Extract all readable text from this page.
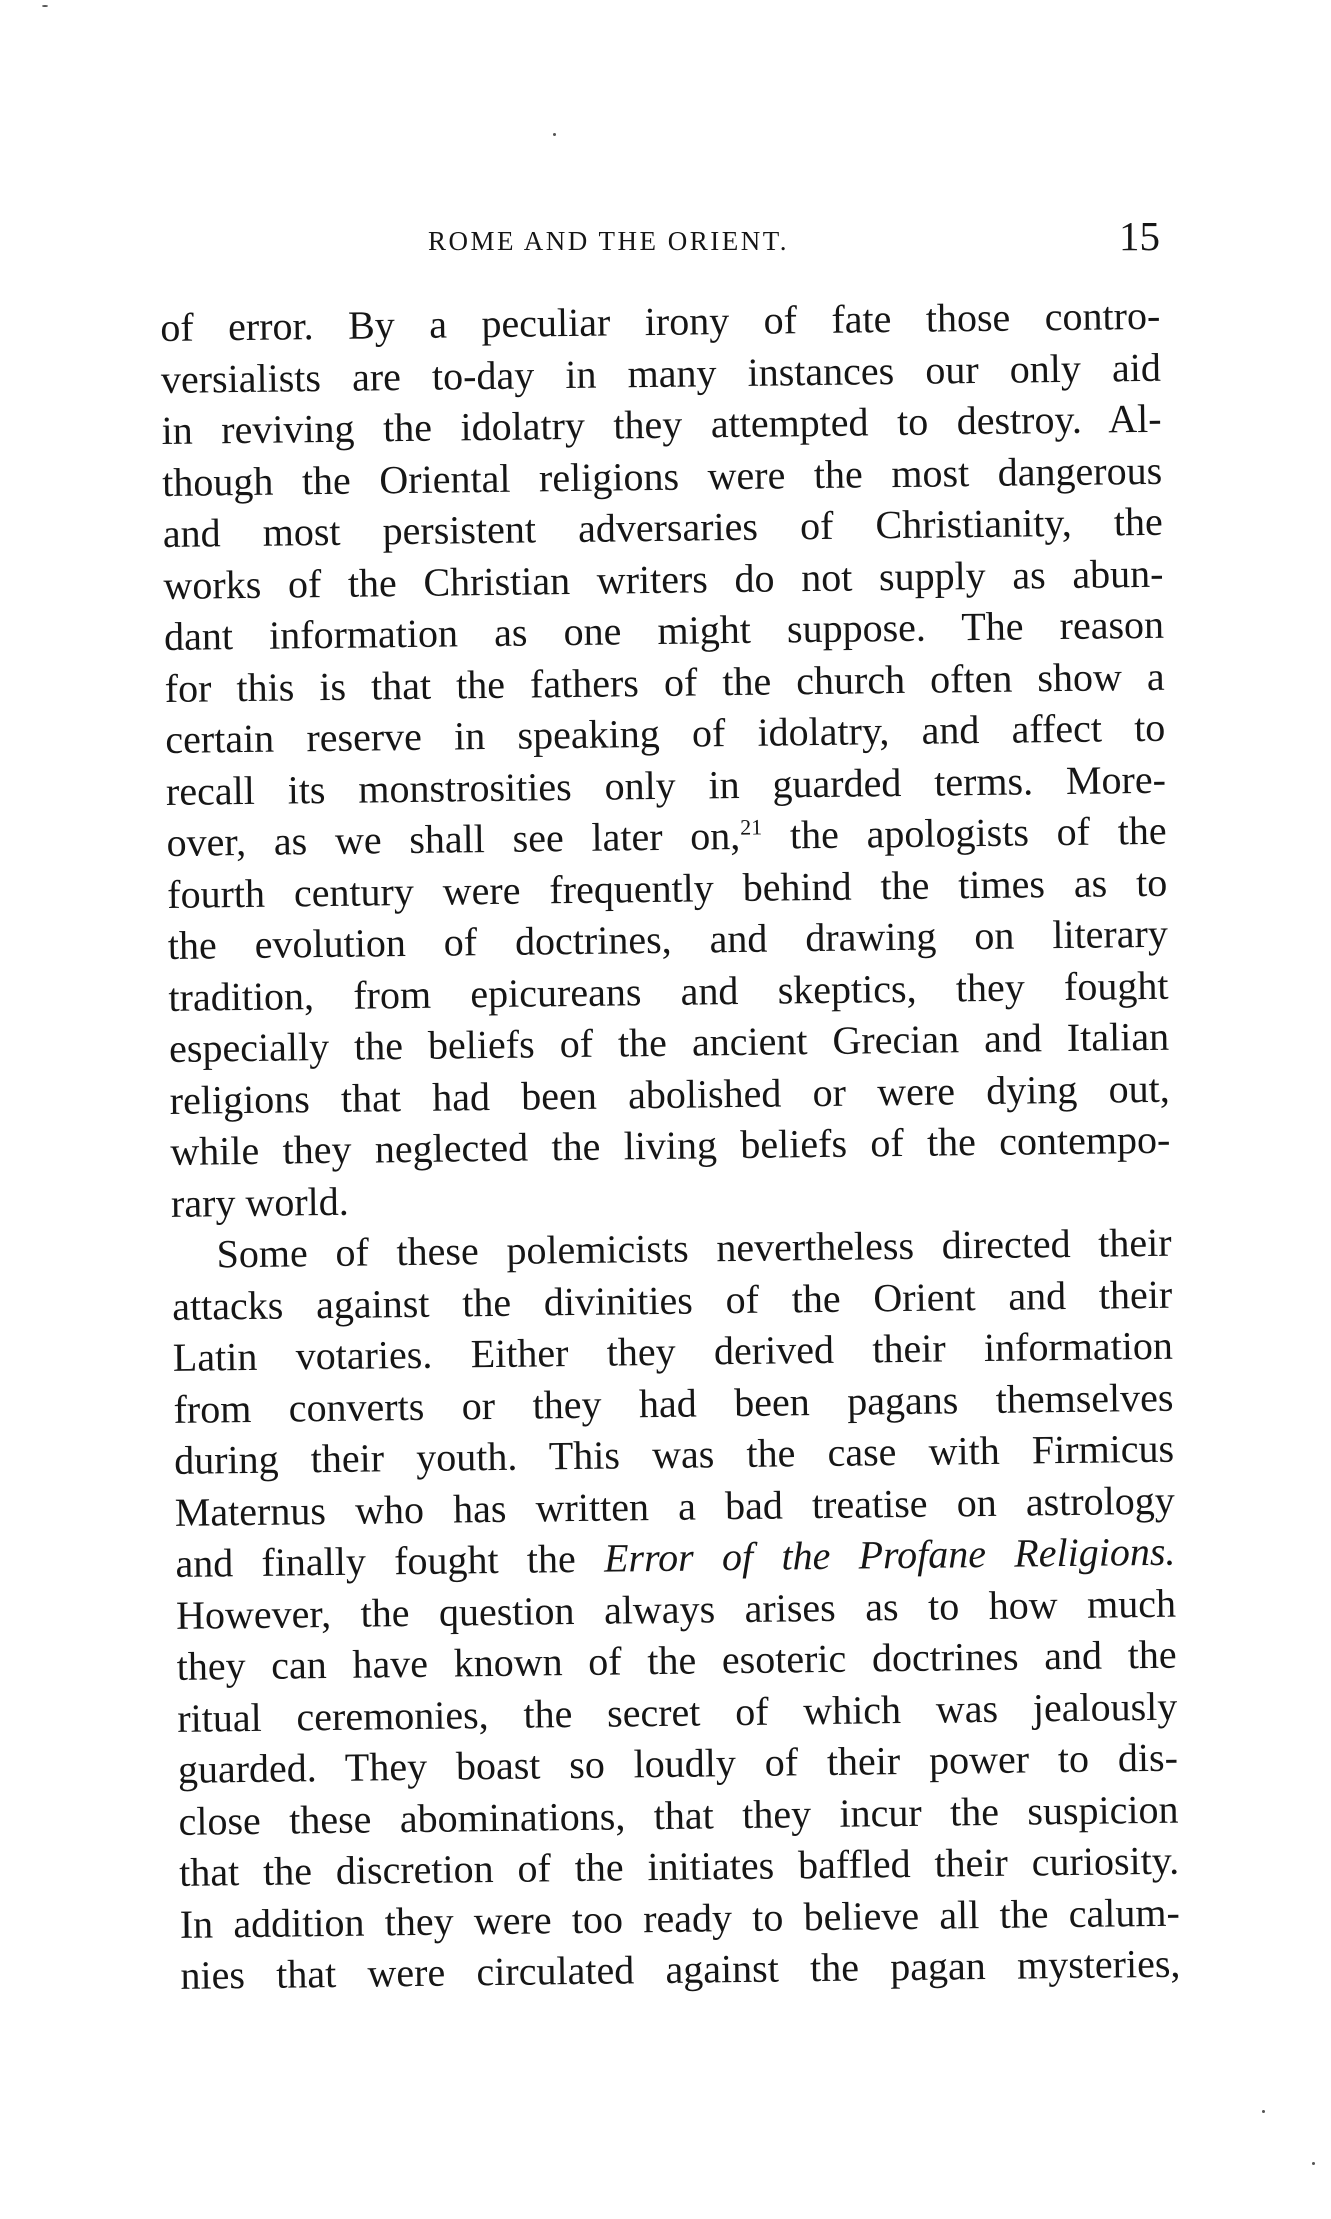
ROME AND THE ORIENT.	15
of error. By a peculiar irony of fate those contro-
versialists are to-day in many instances our only aid
in reviving the idolatry they attempted to destroy. Al-
though the Oriental religions were the most dangerous
and most persistent adversaries of Christianity, the
works of the Christian writers do not supply as abun-
dant information as one might suppose. The reason
for this is that the fathers of the church often show a
certain reserve in speaking of idolatry, and affect to
recall its monstrosities only in guarded terms. More-
over, as we shall see later on,$^{21}$ the apologists of the
fourth century were frequently behind the times as to
the evolution of doctrines, and drawing on literary
tradition, from epicureans and skeptics, they fought
especially the beliefs of the ancient Grecian and Italian
religions that had been abolished or were dying out,
while they neglected the living beliefs of the contempo-
rary world.
Some of these polemicists nevertheless directed their
attacks against the divinities of the Orient and their
Latin votaries. Either they derived their information
from converts or they had been pagans themselves
during their youth. This was the case with Firmicus
Maternus who has written a bad treatise on astrology
and finally fought the Error of the Profane Religions.
However, the question always arises as to how much
they can have known of the esoteric doctrines and the
ritual ceremonies, the secret of which was jealously
guarded. They boast so loudly of their power to dis-
close these abominations, that they incur the suspicion
that the discretion of the initiates baffled their curiosity.
In addition they were too ready to believe all the calum-
nies that were circulated against the pagan mysteries,
